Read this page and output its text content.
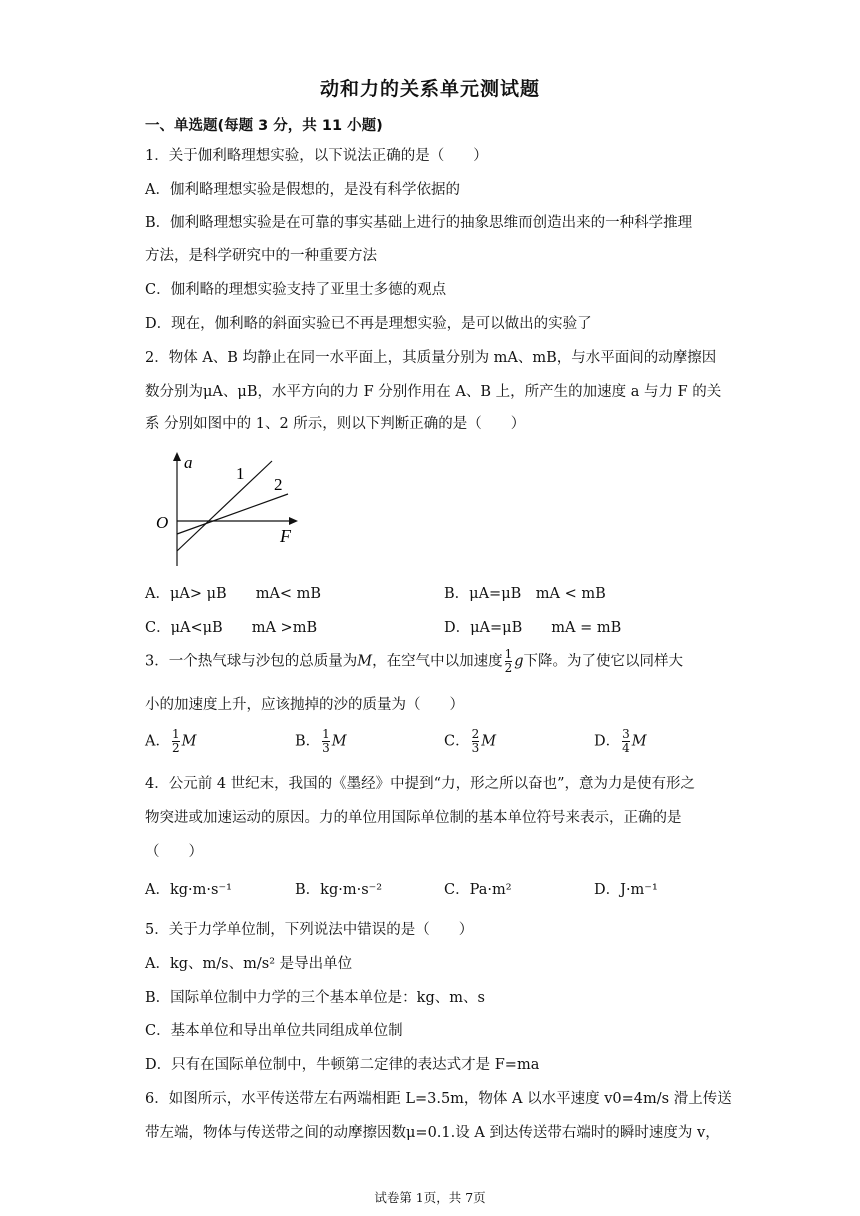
动和力的关系单元测试题
一、单选题(每题 3 分，共 11 小题)
1．关于伽利略理想实验，以下说法正确的是（　　）
A．伽利略理想实验是假想的，是没有科学依据的
B．伽利略理想实验是在可靠的事实基础上进行的抽象思维而创造出来的一种科学推理
方法，是科学研究中的一种重要方法
C．伽利略的理想实验支持了亚里士多德的观点
D．现在，伽利略的斜面实验已不再是理想实验，是可以做出的实验了
2．物体 A、B 均静止在同一水平面上，其质量分别为 mA、mB，与水平面间的动摩擦因
数分别为μA、μB，水平方向的力 F 分别作用在 A、B 上，所产生的加速度 a 与力 F 的关
系 分别如图中的 1、2 所示，则以下判断正确的是（　　）
a
O
F
1
2
A．μA> μB　　mA< mB	B．μA=μB　mA < mB
C．μA<μB　　mA >mB	D．μA=μB　　mA = mB
3．一个热气球与沙包的总质量为M，在空气中以加速度 $\frac{1}{2}$ g下降。为了使它以同样大
小的加速度上升，应该抛掉的沙的质量为（　　）
A． $\frac{1}{2}$ M	B． $\frac{1}{3}$ M	C． $\frac{2}{3}$ M	D． $\frac{3}{4}$ M
4．公元前 4 世纪末，我国的《墨经》中提到“力，形之所以奋也”，意为力是使有形之
物突进或加速运动的原因。力的单位用国际单位制的基本单位符号来表示，正确的是
（　　）
A．kg·m·s⁻¹	B．kg·m·s⁻²	C．Pa·m²	D．J·m⁻¹
5．关于力学单位制，下列说法中错误的是（　　）
A．kg、m/s、m/s² 是导出单位
B．国际单位制中力学的三个基本单位是：kg、m、s
C．基本单位和导出单位共同组成单位制
D．只有在国际单位制中，牛顿第二定律的表达式才是 F=ma
6．如图所示，水平传送带左右两端相距 L=3.5m，物体 A 以水平速度 v0=4m/s 滑上传送
带左端，物体与传送带之间的动摩擦因数μ=0.1.设 A 到达传送带右端时的瞬时速度为 v，
试卷第 1页，共 7页
